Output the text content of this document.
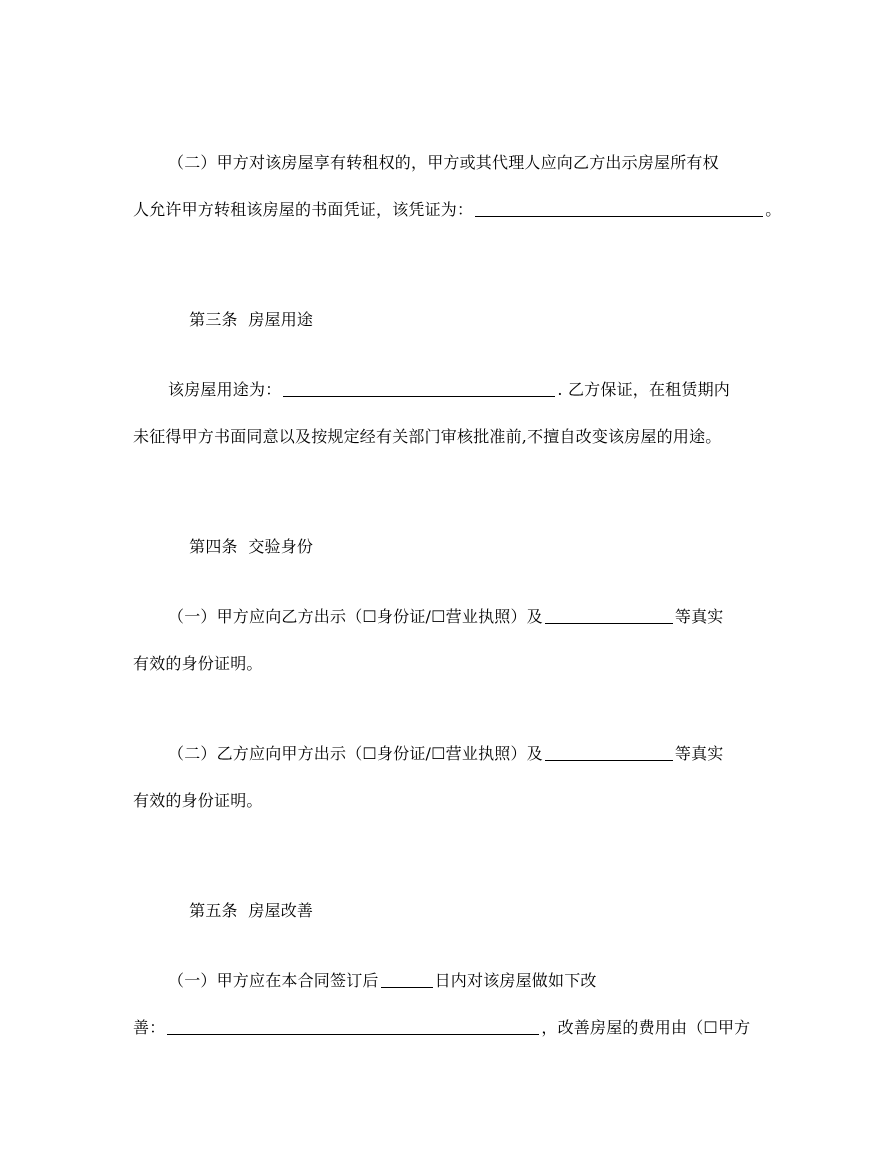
（二）甲方对该房屋享有转租权的，甲方或其代理人应向乙方出示房屋所有权
人允许甲方转租该房屋的书面凭证，该凭证为：	。

第三条  房屋用途

该房屋用途为：	. 乙方保证，在租赁期内
未征得甲方书面同意以及按规定经有关部门审核批准前,不擅自改变该房屋的用途。

第四条  交验身份

（一）甲方应向乙方出示（☐身份证/☐营业执照）及	等真实
有效的身份证明。
（二）乙方应向甲方出示（☐身份证/☐营业执照）及	等真实
有效的身份证明。

第五条  房屋改善

（一）甲方应在本合同签订后	日内对该房屋做如下改
善：	，改善房屋的费用由（☐甲方
